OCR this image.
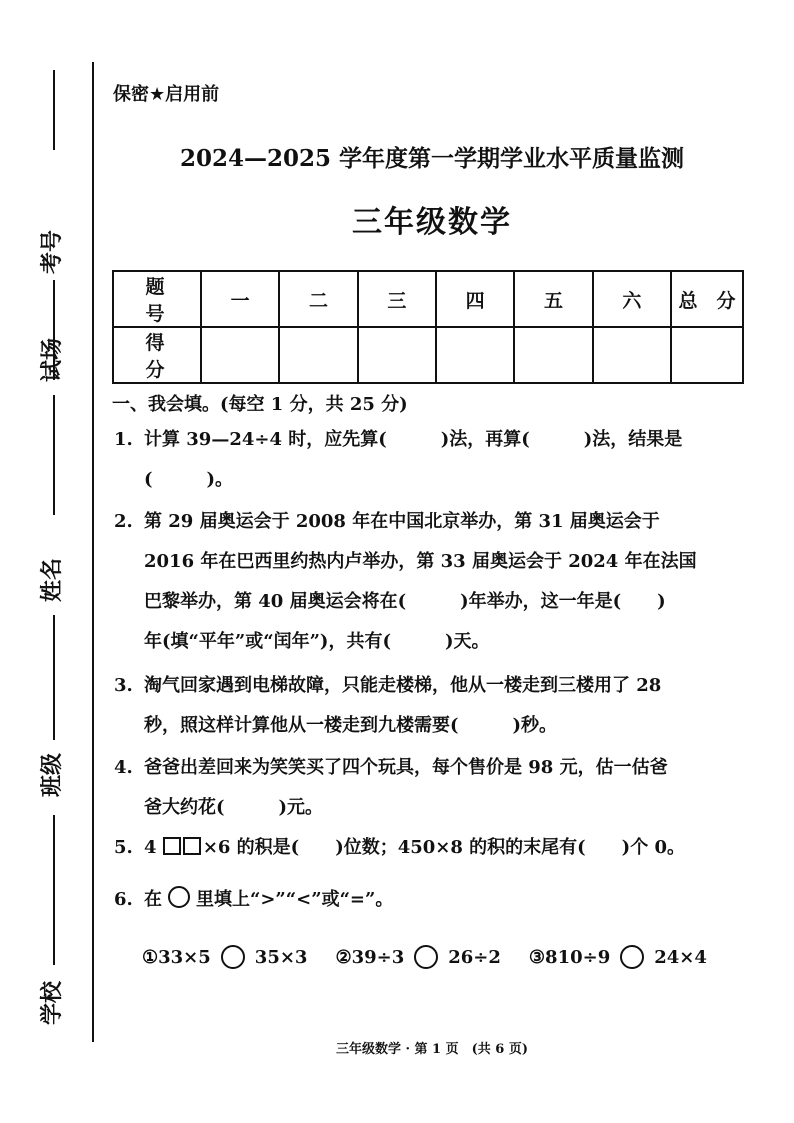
考号
试场
姓名
班级
学校
保密★启用前
2024—2025 学年度第一学期学业水平质量监测
三年级数学
题　号	一	二	三	四	五	六	总　分
得　分							
一、我会填。(每空 1 分，共 25 分)
1. 计算 39—24÷4 时，应先算(　　　)法，再算(　　　)法，结果是
(　　　)。
2. 第 29 届奥运会于 2008 年在中国北京举办，第 31 届奥运会于
2016 年在巴西里约热内卢举办，第 33 届奥运会于 2024 年在法国
巴黎举办，第 40 届奥运会将在(　　　)年举办，这一年是(　　)
年(填“平年”或“闰年”)，共有(　　　)天。
3. 淘气回家遇到电梯故障，只能走楼梯，他从一楼走到三楼用了 28
秒，照这样计算他从一楼走到九楼需要(　　　)秒。
4. 爸爸出差回来为笑笑买了四个玩具，每个售价是 98 元，估一估爸
爸大约花(　　　)元。
5. 4	×6 的积是(　　)位数；450×8 的积的末尾有(　　)个 0。
6. 在 里填上“>”“<”或“=”。
①33×5 35×3 ②39÷3 26÷2 ③810÷9 24×4
三年级数学 · 第 1 页　(共 6 页)
